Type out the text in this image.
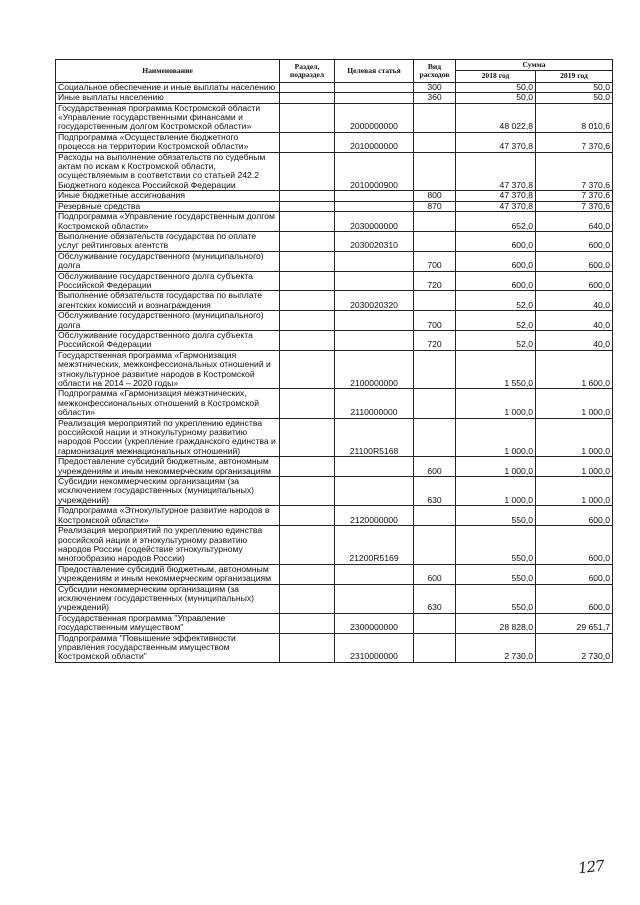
Наименование	Раздел, подраздел	Целевая статья	Вид расходов	Сумма	
				2018 год	2019 год
Социальное обеспечение и иные выплаты населению			300	50,0	50,0
Иные выплаты населению			360	50,0	50,0
Государственная программа Костромской области «Управление государственными финансами и государственным долгом Костромской области»		2000000000		48 022,8	8 010,6
Подпрограмма «Осуществление бюджетного процесса на территории Костромской области»		2010000000		47 370,8	7 370,6
Расходы на выполнение обязательств по судебным актам по искам к Костромской области, осуществляемым в соответствии со статьей 242.2 Бюджетного кодекса Российской Федерации		2010000900		47 370,8	7 370,6
Иные бюджетные ассигнования			800	47 370,8	7 370,6
Резервные средства			870	47 370,8	7 370,6
Подпрограмма «Управление государственным долгом Костромской области»		2030000000		652,0	640,0
Выполнение обязательств государства по оплате услуг рейтинговых агентств		2030020310		600,0	600,0
Обслуживание государственного (муниципального) долга			700	600,0	600,0
Обслуживание государственного долга субъекта Российской Федерации			720	600,0	600,0
Выполнение обязательств государства по выплате агентских комиссий и вознаграждения		2030020320		52,0	40,0
Обслуживание государственного (муниципального) долга			700	52,0	40,0
Обслуживание государственного долга субъекта Российской Федерации			720	52,0	40,0
Государственная программа «Гармонизация межэтнических, межконфессиональных отношений и этнокультурное развитие народов в Костромской области на 2014 – 2020 годы»		2100000000		1 550,0	1 600,0
Подпрограмма «Гармонизация межэтнических, межконфессиональных отношений в Костромской области»		2110000000		1 000,0	1 000,0
Реализация мероприятий по укреплению единства российской нации и этнокультурному развитию народов России (укрепление гражданского единства и гармонизация межнациональных отношений)		21100R5168		1 000,0	1 000,0
Предоставление субсидий бюджетным, автономным учреждениям и иным некоммерческим организациям			600	1 000,0	1 000,0
Субсидии некоммерческим организациям (за исключением государственных (муниципальных) учреждений)			630	1 000,0	1 000,0
Подпрограмма «Этнокультурное развитие народов в Костромской области»		2120000000		550,0	600,0
Реализация мероприятий по укреплению единства российской нации и этнокультурному развитию народов России (содействие этнокультурному многообразию народов России)		21200R5169		550,0	600,0
Предоставление субсидий бюджетным, автономным учреждениям и иным некоммерческим организациям			600	550,0	600,0
Субсидии некоммерческим организациям (за исключением государственных (муниципальных) учреждений)			630	550,0	600,0
Государственная программа "Управление государственным имуществом"		2300000000		28 828,0	29 651,7
Подпрограмма "Повышение эффективности управления государственным имуществом Костромской области"		2310000000		2 730,0	2 730,0
127
